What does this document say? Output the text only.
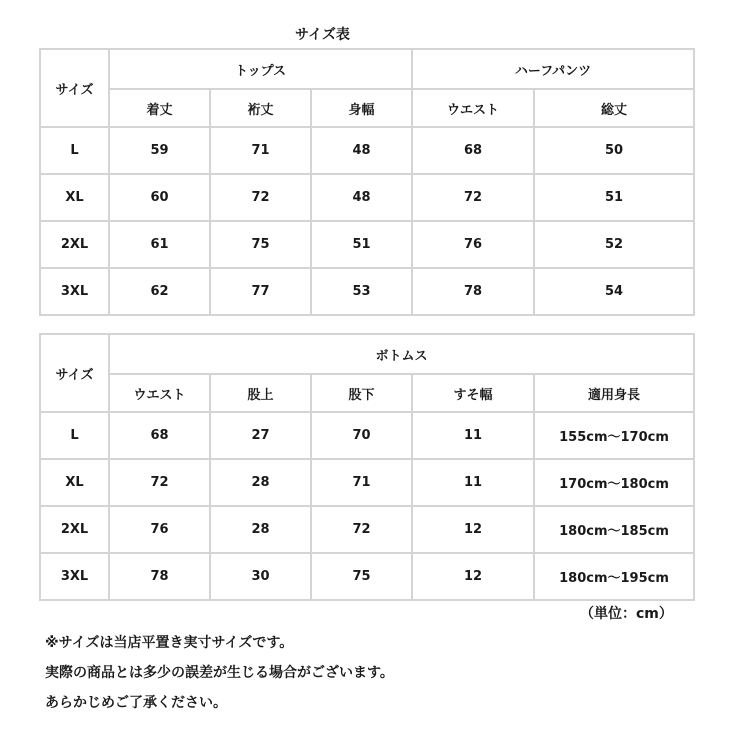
サイズ表
サイズ	トップス			ハーフパンツ	
	着丈	裄丈	身幅	ウエスト	総丈
L	59	71	48	68	50
XL	60	72	48	72	51
2XL	61	75	51	76	52
3XL	62	77	53	78	54
サイズ	ボトムス				
	ウエスト	股上	股下	すそ幅	適用身長
L	68	27	70	11	155cm～170cm
XL	72	28	71	11	170cm～180cm
2XL	76	28	72	12	180cm～185cm
3XL	78	30	75	12	180cm～195cm
（単位：cm）
※サイズは当店平置き実寸サイズです。
実際の商品とは多少の誤差が生じる場合がございます。
あらかじめご了承ください。
